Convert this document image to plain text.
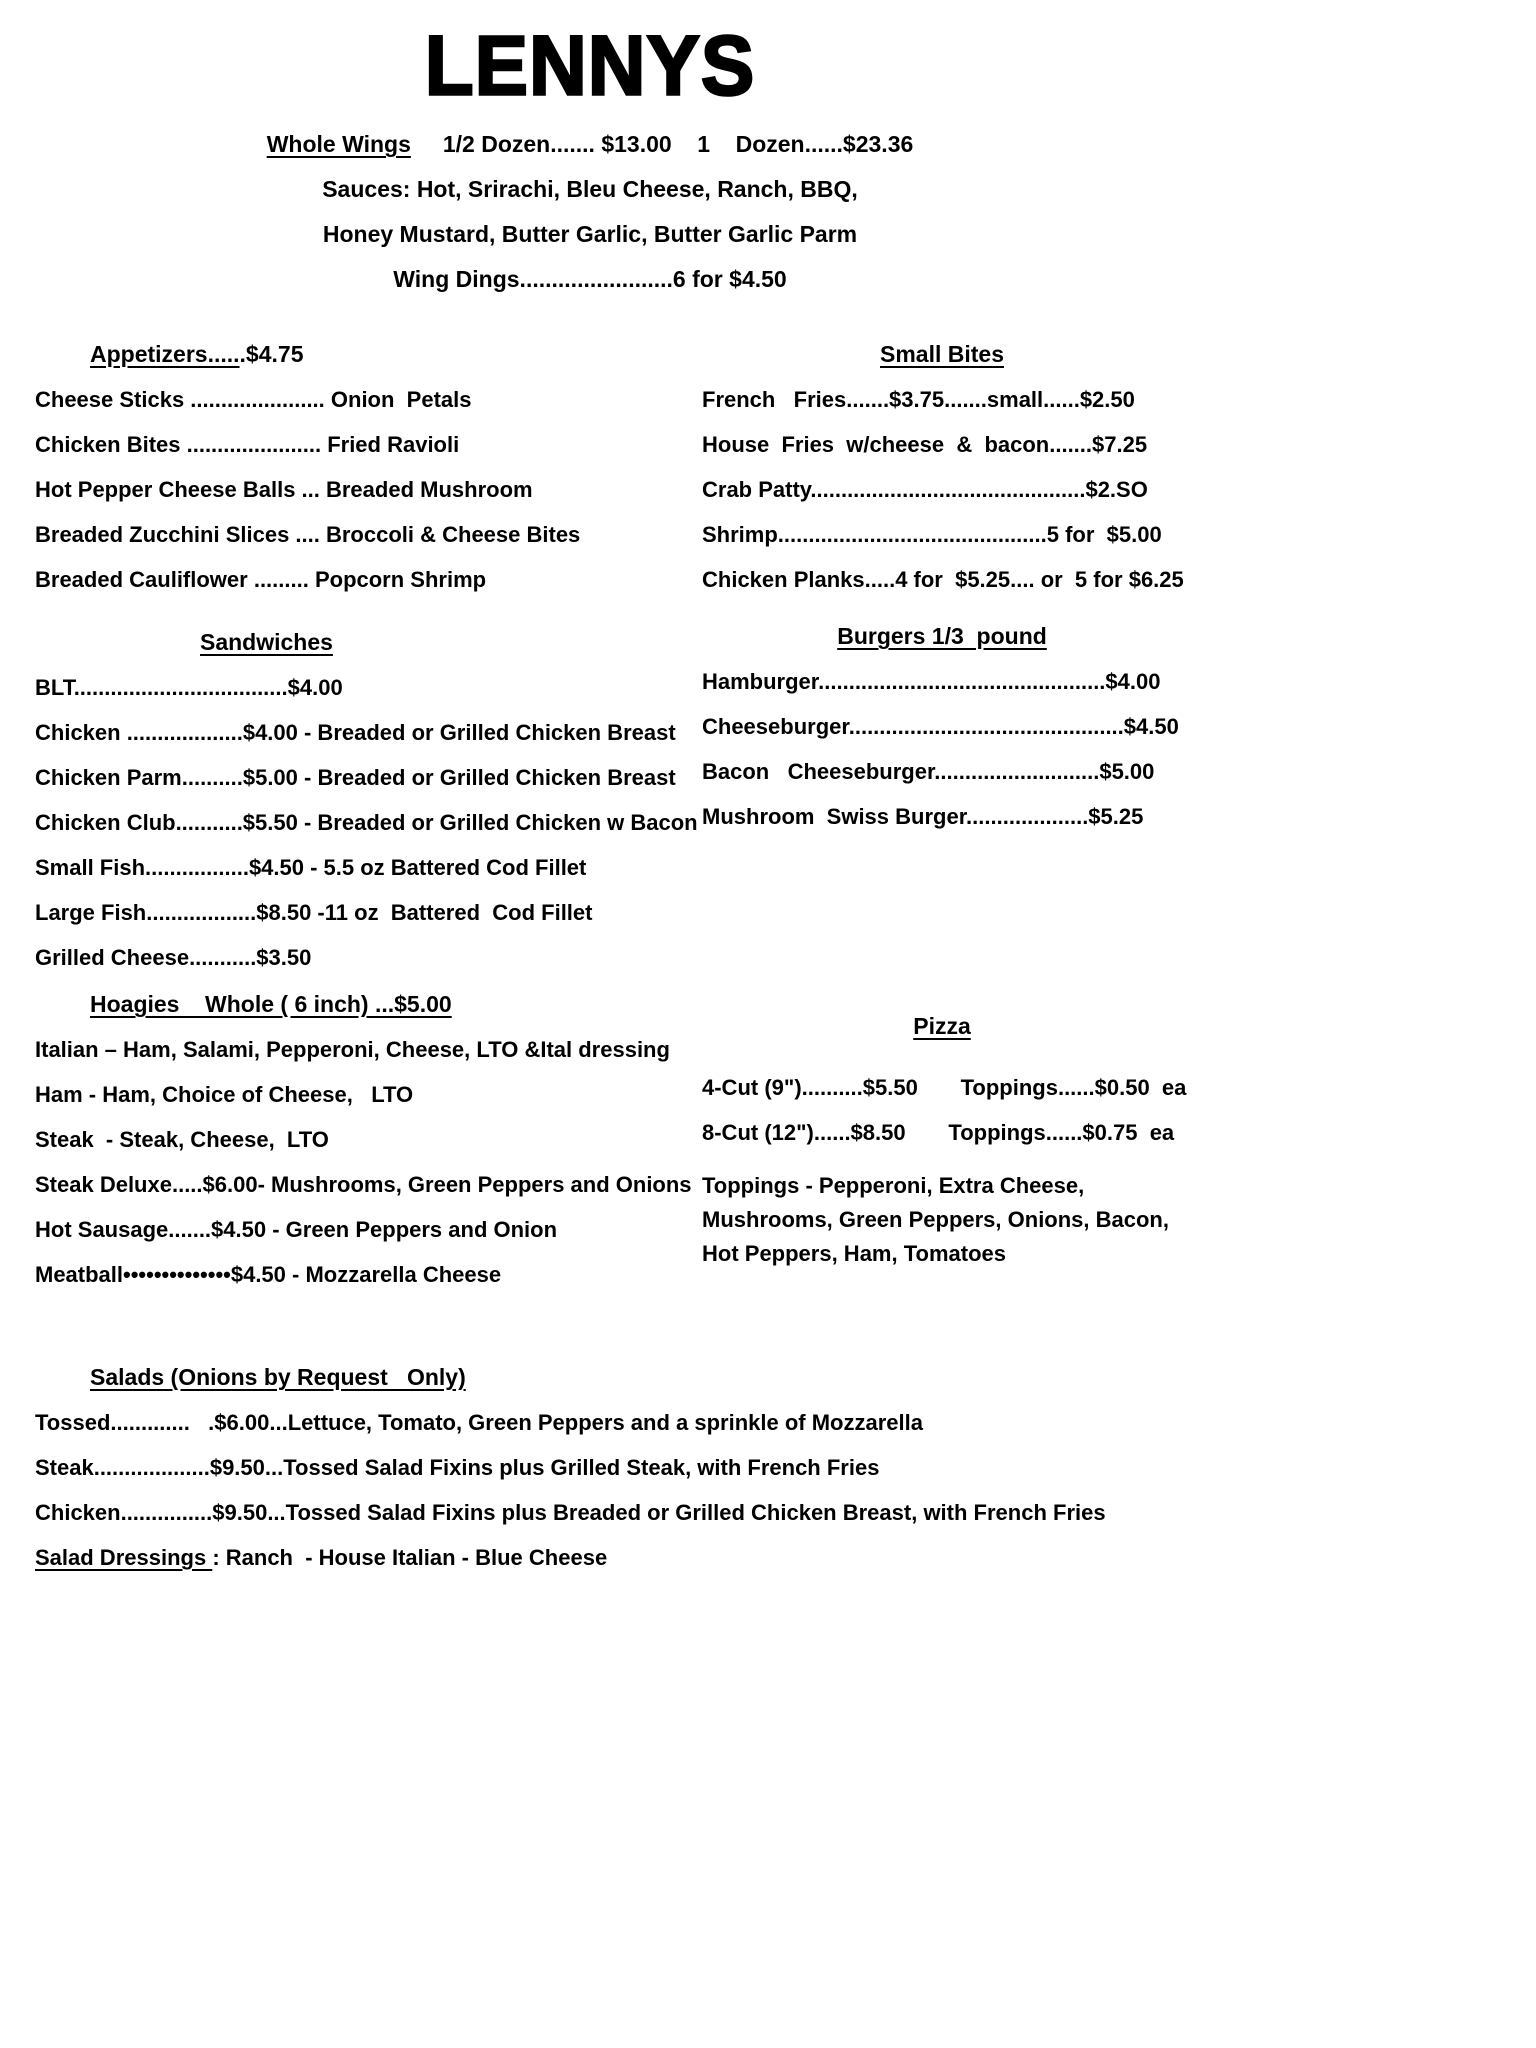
LENNYS
Whole Wings     1/2 Dozen....... $13.00    1    Dozen......$23.36
Sauces: Hot, Srirachi, Bleu Cheese, Ranch, BBQ,
Honey Mustard, Butter Garlic, Butter Garlic Parm
Wing Dings........................6 for $4.50
Appetizers......$4.75
Cheese Sticks ...................... Onion  Petals
Chicken Bites ...................... Fried Ravioli
Hot Pepper Cheese Balls ... Breaded Mushroom
Breaded Zucchini Slices .... Broccoli & Cheese Bites
Breaded Cauliflower ......... Popcorn Shrimp
Sandwiches
BLT...................................$4.00
Chicken ...................$4.00 - Breaded or Grilled Chicken Breast
Chicken Parm..........$5.00 - Breaded or Grilled Chicken Breast
Chicken Club...........$5.50 - Breaded or Grilled Chicken w Bacon
Small Fish.................$4.50 - 5.5 oz Battered Cod Fillet
Large Fish..................$8.50 -11 oz  Battered  Cod Fillet
Grilled Cheese...........$3.50
Hoagies    Whole ( 6 inch) ...$5.00
Italian – Ham, Salami, Pepperoni, Cheese, LTO &Ital dressing
Ham - Ham, Choice of Cheese,   LTO
Steak  - Steak, Cheese,  LTO
Steak Deluxe.....$6.00- Mushrooms, Green Peppers and Onions
Hot Sausage.......$4.50 - Green Peppers and Onion
Meatball••••••••••••••$4.50 - Mozzarella Cheese
Small Bites
French   Fries.......$3.75.......small......$2.50
House  Fries  w/cheese  &  bacon.......$7.25
Crab Patty.............................................$2.SO
Shrimp............................................5 for  $5.00
Chicken Planks.....4 for  $5.25.... or  5 for $6.25
Burgers 1/3  pound
Hamburger...............................................$4.00
Cheeseburger.............................................$4.50
Bacon   Cheeseburger...........................$5.00
Mushroom  Swiss Burger....................$5.25
Pizza
4-Cut (9")..........$5.50       Toppings......$0.50  ea
8-Cut (12")......$8.50       Toppings......$0.75  ea
Toppings - Pepperoni, Extra Cheese, Mushrooms, Green Peppers, Onions, Bacon, Hot Peppers, Ham, Tomatoes
Salads (Onions by Request   Only)
Tossed.............   .$6.00...Lettuce, Tomato, Green Peppers and a sprinkle of Mozzarella
Steak...................$9.50...Tossed Salad Fixins plus Grilled Steak, with French Fries
Chicken...............$9.50...Tossed Salad Fixins plus Breaded or Grilled Chicken Breast, with French Fries
Salad Dressings : Ranch  - House Italian - Blue Cheese
